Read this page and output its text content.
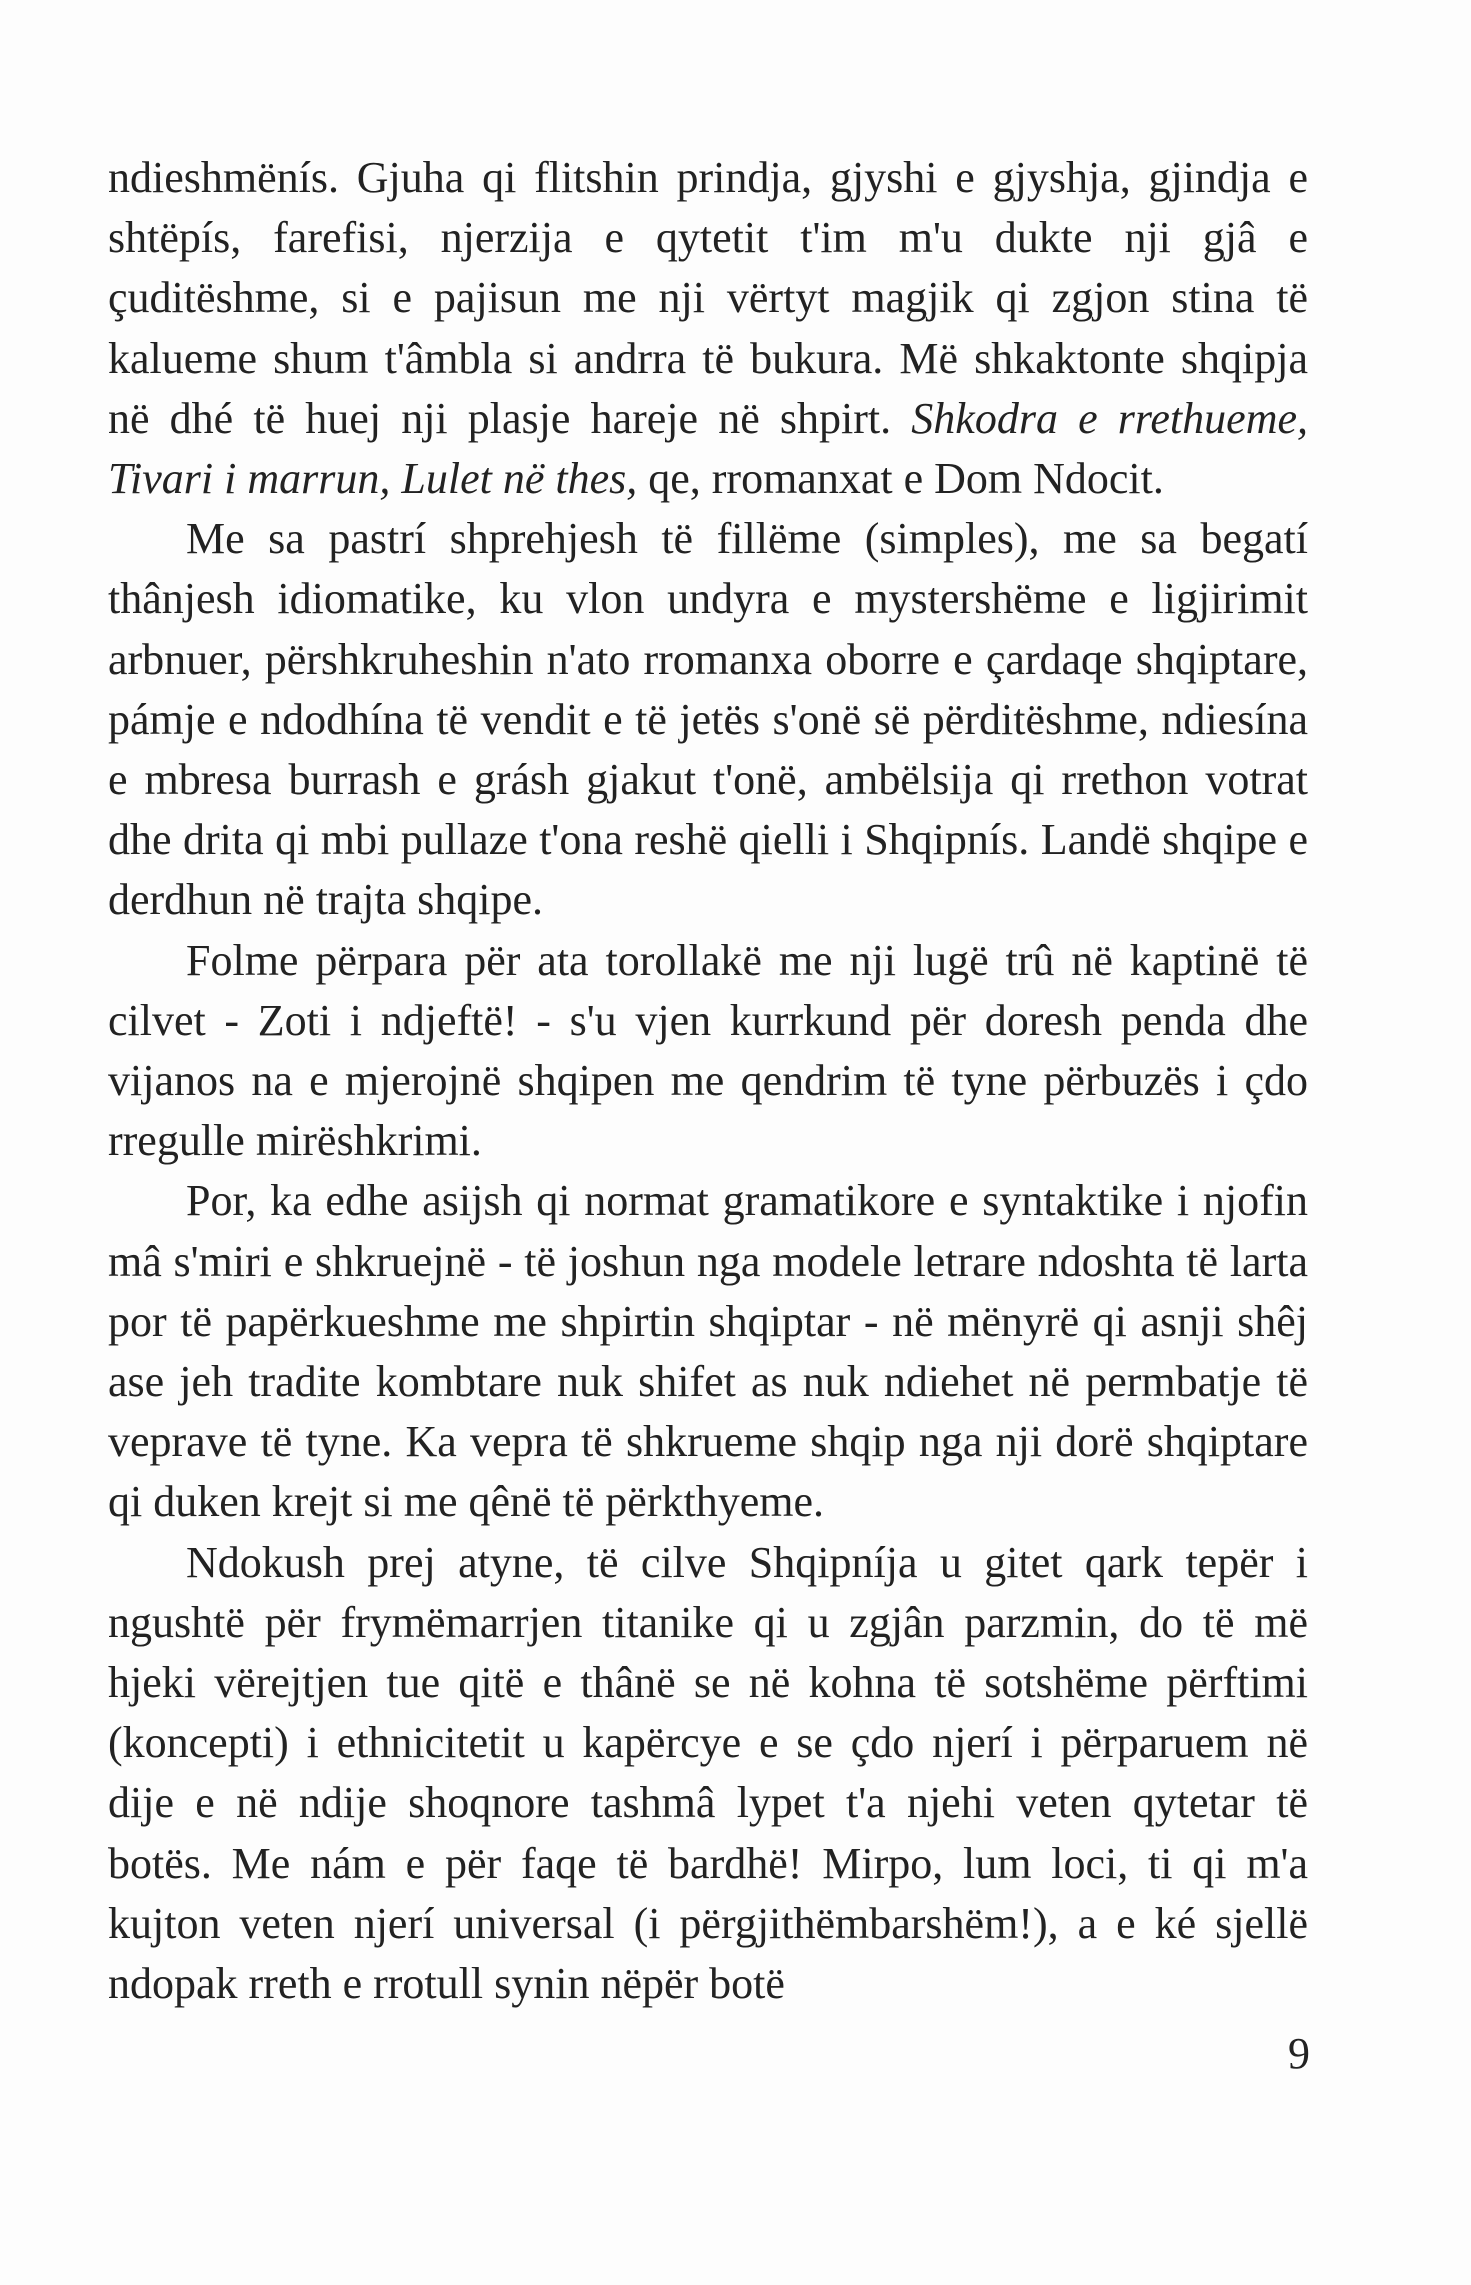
ndieshmënís. Gjuha qi flitshin prindja, gjyshi e gjyshja, gjindja e shtëpís, farefisi, njerzija e qytetit t'im m'u dukte nji gjâ e çuditëshme, si e pajisun me nji vërtyt magjik qi zgjon stina të kalueme shum t'âmbla si andrra të bukura. Më shkaktonte shqipja në dhé të huej nji plasje hareje në shpirt. Shkodra e rrethueme, Tivari i marrun, Lulet në thes, qe, rromanxat e Dom Ndocit.

Me sa pastrí shprehjesh të fillëme (simples), me sa begatí thânjesh idiomatike, ku vlon undyra e mystershëme e ligjirimit arbnuer, përshkruheshin n'ato rromanxa oborre e çardaqe shqiptare, pámje e ndodhína të vendit e të jetës s'onë së përditëshme, ndiesína e mbresa burrash e grásh gjakut t'onë, ambëlsija qi rrethon votrat dhe drita qi mbi pullaze t'ona reshë qielli i Shqipnís. Landë shqipe e derdhun në trajta shqipe.

Folme përpara për ata torollakë me nji lugë trû në kaptinë të cilvet - Zoti i ndjeftë! - s'u vjen kurrkund për doresh penda dhe vijanos na e mjerojnë shqipen me qendrim të tyne përbuzës i çdo rregulle mirëshkrimi.

Por, ka edhe asijsh qi normat gramatikore e syntaktike i njofin mâ s'miri e shkruejnë - të joshun nga modele letrare ndoshta të larta por të papërkueshme me shpirtin shqiptar - në mënyrë qi asnji shêj ase jeh tradite kombtare nuk shifet as nuk ndiehet në permbatje të veprave të tyne. Ka vepra të shkrueme shqip nga nji dorë shqiptare qi duken krejt si me qênë të përkthyeme.

Ndokush prej atyne, të cilve Shqipníja u gitet qark tepër i ngushtë për frymëmarrjen titanike qi u zgjân parzmin, do të më hjeki vërejtjen tue qitë e thânë se në kohna të sotshëme përftimi (koncepti) i ethnicitetit u kapërcye e se çdo njerí i përparuem në dije e në ndije shoqnore tashmâ lypet t'a njehi veten qytetar të botës. Me nám e për faqe të bardhë! Mirpo, lum loci, ti qi m'a kujton veten njerí universal (i përgjithëmbarshëm!), a e ké sjellë ndopak rreth e rrotull synin nëpër botë

9
